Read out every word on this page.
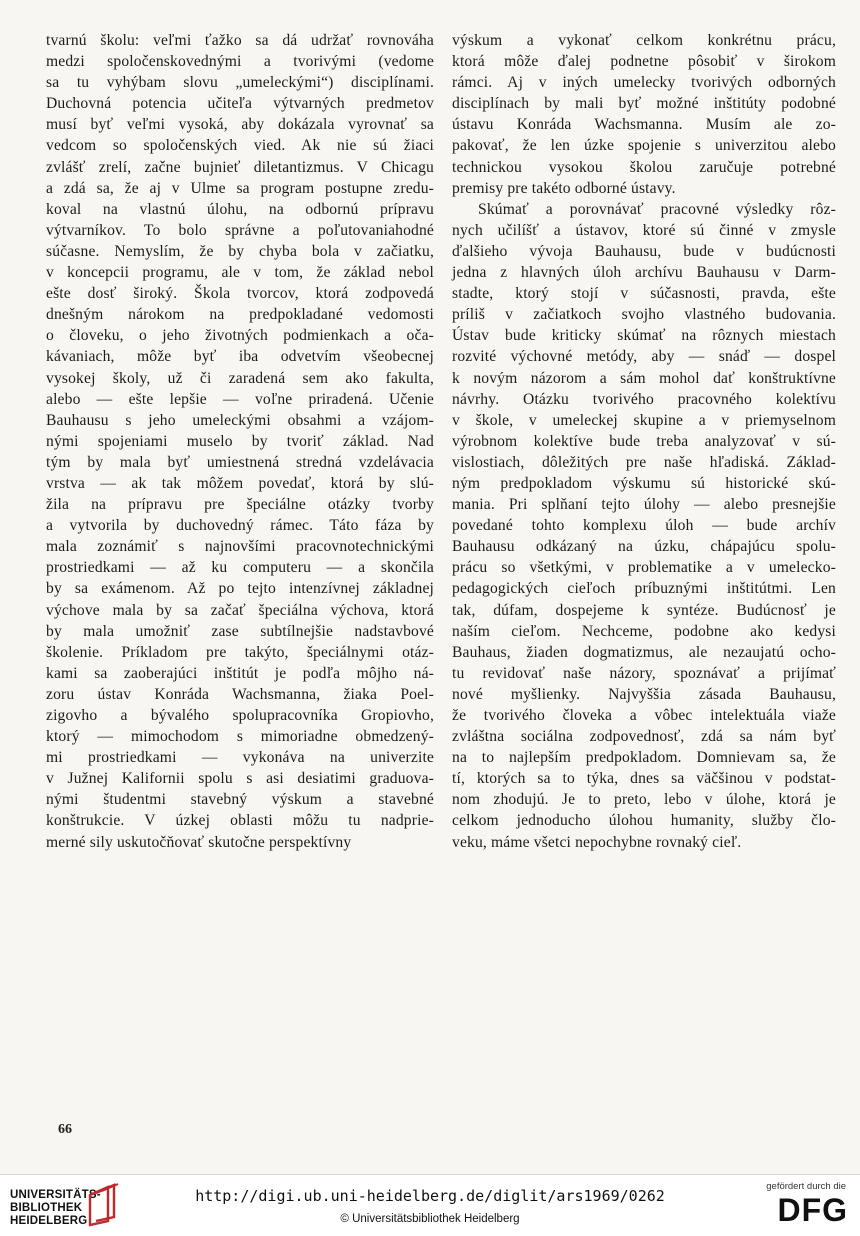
tvarnú školu: veľmi ťažko sa dá udržať rovnováha
medzi spoločenskovednými a tvorivými (vedome
sa tu vyhýbam slovu „umeleckými“) disciplínami.
Duchovná potencia učiteľa výtvarných predmetov
musí byť veľmi vysoká, aby dokázala vyrovnať sa
vedcom so spoločenských vied. Ak nie sú žiaci
zvlášť zrelí, začne bujnieť diletantizmus. V Chicagu
a zdá sa, že aj v Ulme sa program postupne zredu-
koval na vlastnú úlohu, na odbornú prípravu
výtvarníkov. To bolo správne a poľutovaniahodné
súčasne. Nemyslím, že by chyba bola v začiatku,
v koncepcii programu, ale v tom, že základ nebol
ešte dosť široký. Škola tvorcov, ktorá zodpovedá
dnešným nárokom na predpokladané vedomosti
o človeku, o jeho životných podmienkach a oča-
kávaniach, môže byť iba odvetvím všeobecnej
vysokej školy, už či zaradená sem ako fakulta,
alebo — ešte lepšie — voľne priradená. Učenie
Bauhausu s jeho umeleckými obsahmi a vzájom-
nými spojeniami muselo by tvoriť základ. Nad
tým by mala byť umiestnená stredná vzdelávacia
vrstva — ak tak môžem povedať, ktorá by slú-
žila na prípravu pre špeciálne otázky tvorby
a vytvorila by duchovedný rámec. Táto fáza by
mala zoznámiť s najnovšími pracovnotechnickými
prostriedkami — až ku computeru — a skončila
by sa exámenom. Až po tejto intenzívnej základnej
výchove mala by sa začať špeciálna výchova, ktorá
by mala umožniť zase subtílnejšie nadstavbové
školenie. Príkladom pre takýto, špeciálnymi otáz-
kami sa zaoberajúci inštitút je podľa môjho ná-
zoru ústav Konráda Wachsmanna, žiaka Poel-
zigovho a bývalého spolupracovníka Gropiovho,
ktorý — mimochodom s mimoriadne obmedzený-
mi prostriedkami — vykonáva na univerzite
v Južnej Kalifornii spolu s asi desiatimi graduova-
nými študentmi stavebný výskum a stavebné
konštrukcie. V úzkej oblasti môžu tu nadprie-
merné sily uskutočňovať skutočne perspektívny
výskum a vykonať celkom konkrétnu prácu,
ktorá môže ďalej podnetne pôsobiť v širokom
rámci. Aj v iných umelecky tvorivých odborných
disciplínach by mali byť možné inštitúty podobné
ústavu Konráda Wachsmanna. Musím ale zo-
pakovať, že len úzke spojenie s univerzitou alebo
technickou vysokou školou zaručuje potrebné
premisy pre takéto odborné ústavy.
Skúmať a porovnávať pracovné výsledky rôz-
nych učilíšť a ústavov, ktoré sú činné v zmysle
ďalšieho vývoja Bauhausu, bude v budúcnosti
jedna z hlavných úloh archívu Bauhausu v Darm-
stadte, ktorý stojí v súčasnosti, pravda, ešte
príliš v začiatkoch svojho vlastného budovania.
Ústav bude kriticky skúmať na rôznych miestach
rozvité výchovné metódy, aby — snáď — dospel
k novým názorom a sám mohol dať konštruktívne
návrhy. Otázku tvorivého pracovného kolektívu
v škole, v umeleckej skupine a v priemyselnom
výrobnom kolektíve bude treba analyzovať v sú-
vislostiach, dôležitých pre naše hľadiská. Základ-
ným predpokladom výskumu sú historické skú-
mania. Pri splňaní tejto úlohy — alebo presnejšie
povedané tohto komplexu úloh — bude archív
Bauhausu odkázaný na úzku, chápajúcu spolu-
prácu so všetkými, v problematike a v umelecko-
pedagogických cieľoch príbuznými inštitútmi. Len
tak, dúfam, dospejeme k syntéze. Budúcnosť je
naším cieľom. Nechceme, podobne ako kedysi
Bauhaus, žiaden dogmatizmus, ale nezaujatú ocho-
tu revidovať naše názory, spoznávať a prijímať
nové myšlienky. Najvyššia zásada Bauhausu,
že tvorivého človeka a vôbec intelektuála viaže
zvláštna sociálna zodpovednosť, zdá sa nám byť
na to najlepším predpokladom. Domnievam sa, že
tí, ktorých sa to týka, dnes sa väčšinou v podstat-
nom zhodujú. Je to preto, lebo v úlohe, ktorá je
celkom jednoducho úlohou humanity, služby člo-
veku, máme všetci nepochybne rovnaký cieľ.
66
UNIVERSITÄTS-
BIBLIOTHEK
HEIDELBERG
http://digi.ub.uni-heidelberg.de/diglit/ars1969/0262
© Universitätsbibliothek Heidelberg
gefördert durch die
DFG
